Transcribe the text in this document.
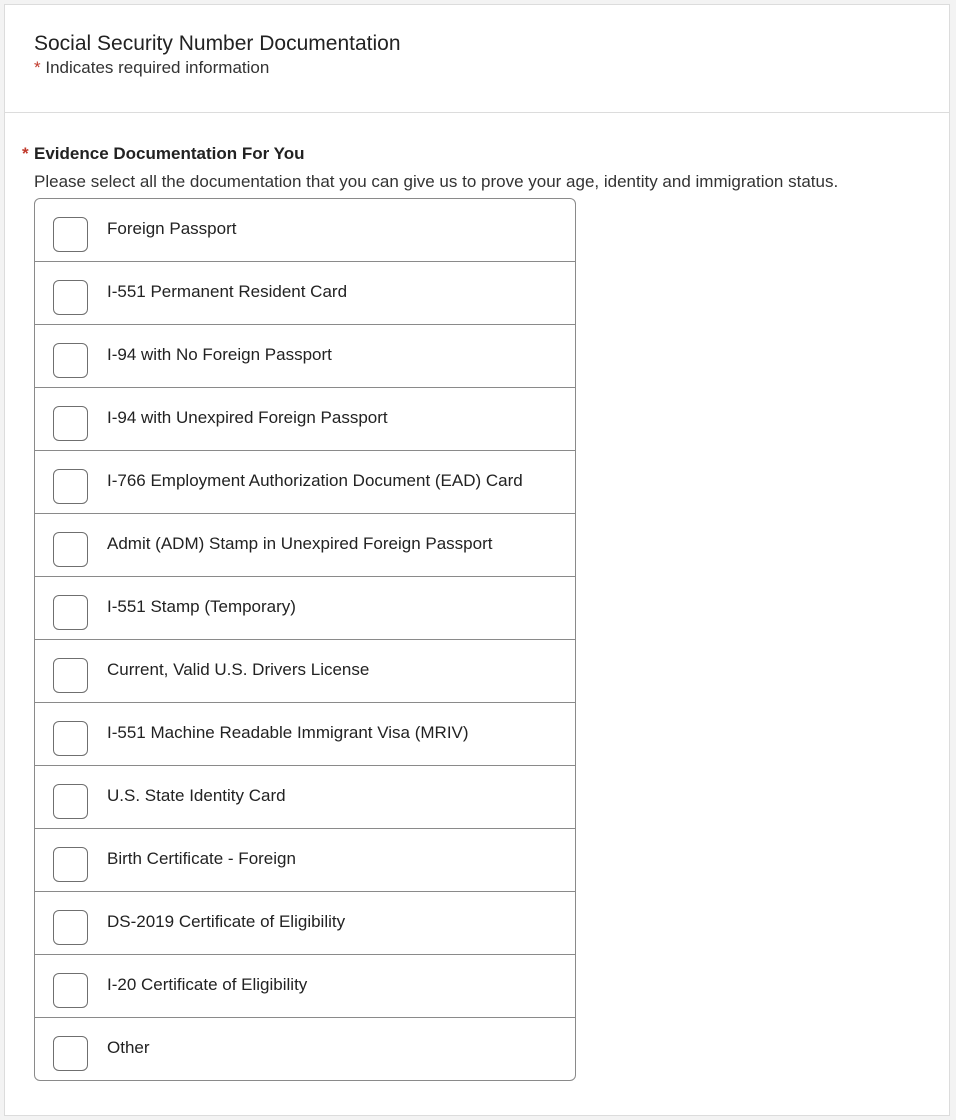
Social Security Number Documentation
* Indicates required information
* Evidence Documentation For You
Please select all the documentation that you can give us to prove your age, identity and immigration status.
Foreign Passport
I-551 Permanent Resident Card
I-94 with No Foreign Passport
I-94 with Unexpired Foreign Passport
I-766 Employment Authorization Document (EAD) Card
Admit (ADM) Stamp in Unexpired Foreign Passport
I-551 Stamp (Temporary)
Current, Valid U.S. Drivers License
I-551 Machine Readable Immigrant Visa (MRIV)
U.S. State Identity Card
Birth Certificate - Foreign
DS-2019 Certificate of Eligibility
I-20 Certificate of Eligibility
Other
